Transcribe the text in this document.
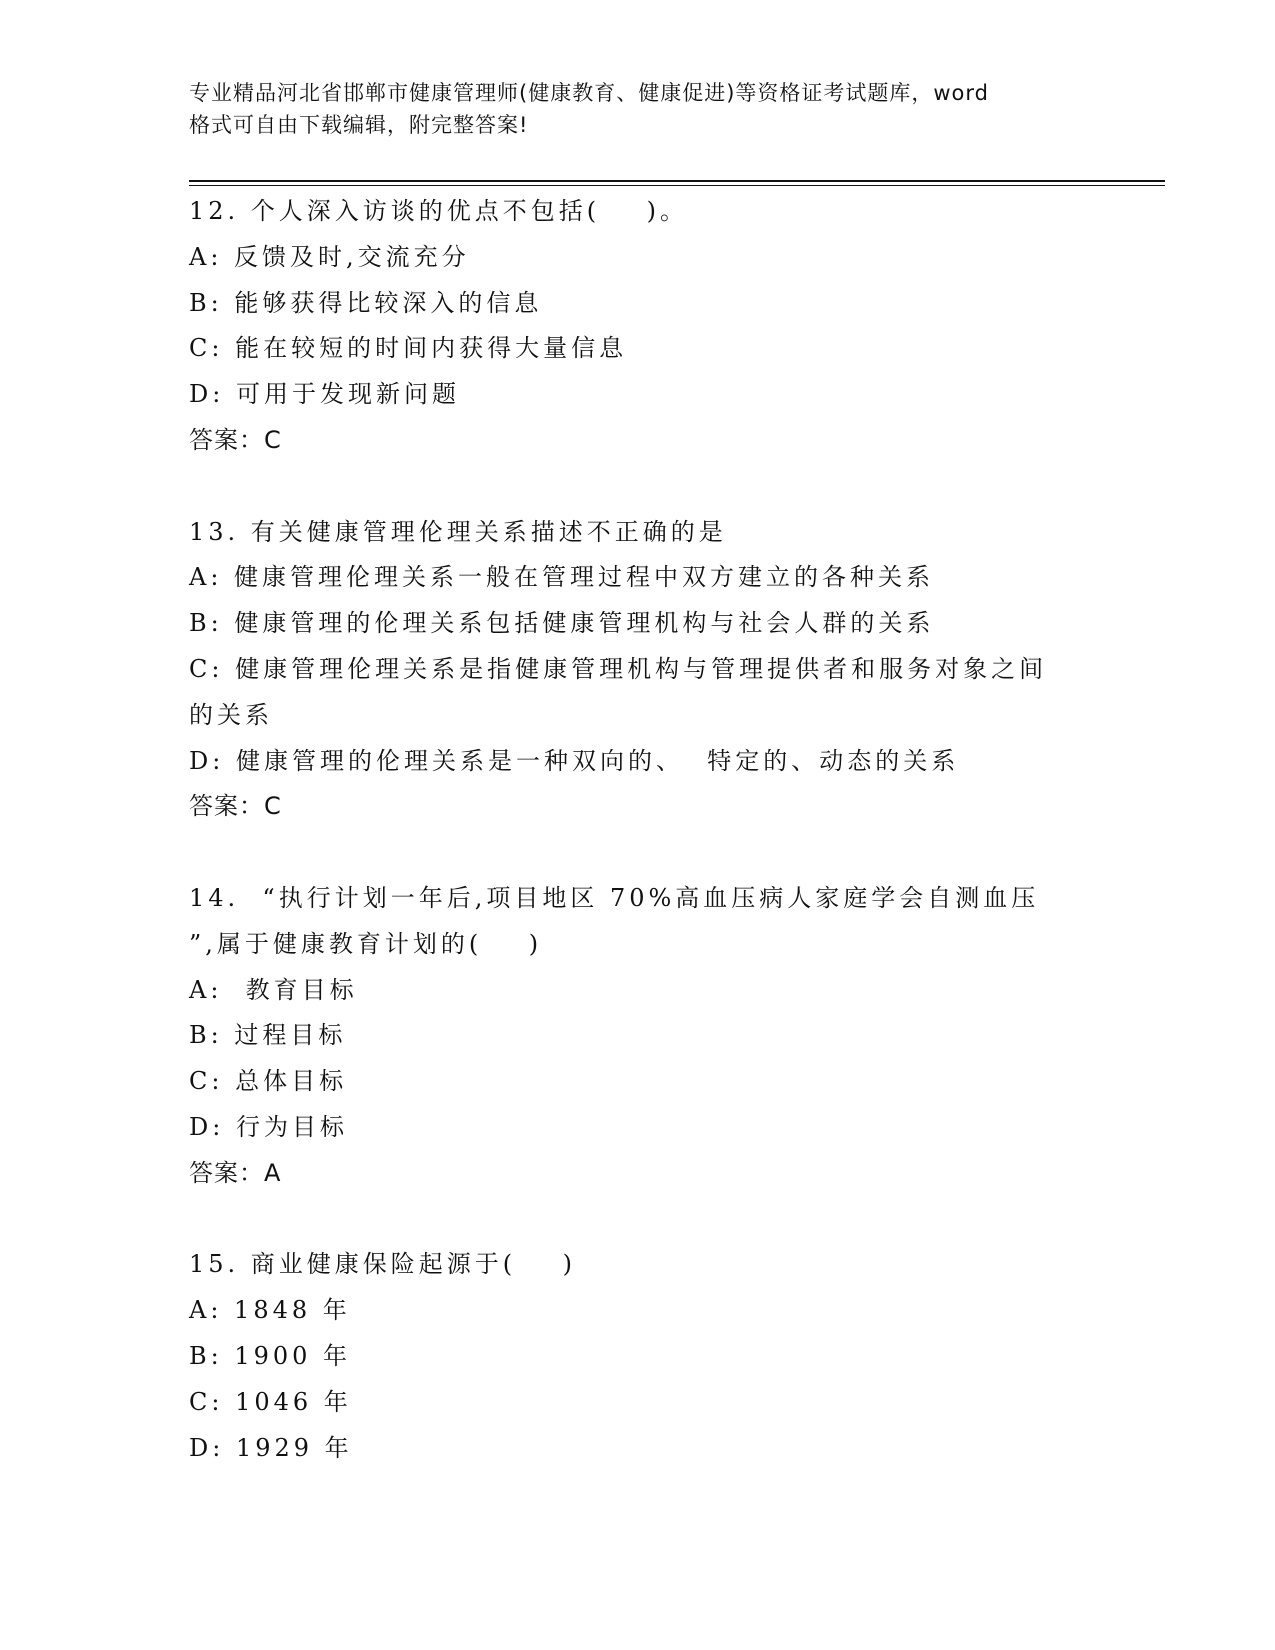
专业精品河北省邯郸市健康管理师(健康教育、健康促进)等资格证考试题库，word
格式可自由下载编辑，附完整答案!
12. 个人深入访谈的优点不包括(    )。
A: 反馈及时,交流充分
B: 能够获得比较深入的信息
C: 能在较短的时间内获得大量信息
D: 可用于发现新问题
答案：C
13. 有关健康管理伦理关系描述不正确的是
A: 健康管理伦理关系一般在管理过程中双方建立的各种关系
B: 健康管理的伦理关系包括健康管理机构与社会人群的关系
C: 健康管理伦理关系是指健康管理机构与管理提供者和服务对象之间
的关系
D: 健康管理的伦理关系是一种双向的、  特定的、动态的关系
答案：C
14.  “执行计划一年后,项目地区 70%高血压病人家庭学会自测血压
”,属于健康教育计划的(    )
A:  教育目标
B: 过程目标
C: 总体目标
D: 行为目标
答案：A
15. 商业健康保险起源于(    )
A: 1848 年
B: 1900 年
C: 1046 年
D: 1929 年
